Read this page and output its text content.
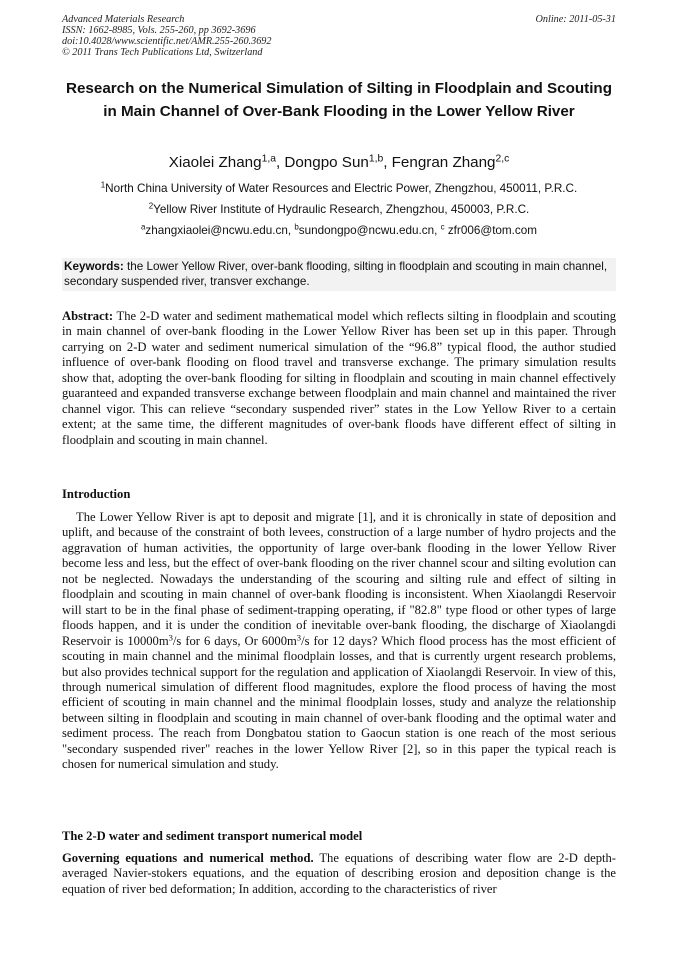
Advanced Materials Research
ISSN: 1662-8985, Vols. 255-260, pp 3692-3696
doi:10.4028/www.scientific.net/AMR.255-260.3692
© 2011 Trans Tech Publications Ltd, Switzerland
Online: 2011-05-31
Research on the Numerical Simulation of Silting in Floodplain and Scouting in Main Channel of Over-Bank Flooding in the Lower Yellow River
Xiaolei Zhang$^{1,a}$, Dongpo Sun$^{1,b}$, Fengran Zhang$^{2,c}$
$^1$North China University of Water Resources and Electric Power, Zhengzhou, 450011, P.R.C.
$^2$Yellow River Institute of Hydraulic Research, Zhengzhou, 450003, P.R.C.
$^a$zhangxiaolei@ncwu.edu.cn, $^b$sundongpo@ncwu.edu.cn, $^c$ zfr006@tom.com
Keywords: the Lower Yellow River, over-bank flooding, silting in floodplain and scouting in main channel, secondary suspended river, transver exchange.
Abstract: The 2-D water and sediment mathematical model which reflects silting in floodplain and scouting in main channel of over-bank flooding in the Lower Yellow River has been set up in this paper. Through carrying on 2-D water and sediment numerical simulation of the “96.8” typical flood, the author studied influence of over-bank flooding on flood travel and transverse exchange. The primary simulation results show that, adopting the over-bank flooding for silting in floodplain and scouting in main channel effectively guaranteed and expanded transverse exchange between floodplain and main channel and maintained the river channel vigor. This can relieve “secondary suspended river” states in the Low Yellow River to a certain extent; at the same time, the different magnitudes of over-bank floods have different effect of silting in floodplain and scouting in main channel.
Introduction
The Lower Yellow River is apt to deposit and migrate [1], and it is chronically in state of deposition and uplift, and because of the constraint of both levees, construction of a large number of hydro projects and the aggravation of human activities, the opportunity of large over-bank flooding in the lower Yellow River become less and less, but the effect of over-bank flooding on the river channel scour and silting evolution can not be neglected. Nowadays the understanding of the scouring and silting rule and effect of silting in floodplain and scouting in main channel of over-bank flooding is inconsistent. When Xiaolangdi Reservoir will start to be in the final phase of sediment-trapping operating, if "82.8" type flood or other types of large floods happen, and it is under the condition of inevitable over-bank flooding, the discharge of Xiaolangdi Reservoir is $10000m^3/s$ for 6 days, Or $6000m^3/s$ for 12 days? Which flood process has the most efficient of scouting in main channel and the minimal floodplain losses, and that is currently urgent research problems, but also provides technical support for the regulation and application of Xiaolangdi Reservoir. In view of this, through numerical simulation of different flood magnitudes, explore the flood process of having the most efficient of scouting in main channel and the minimal floodplain losses, study and analyze the relationship between silting in floodplain and scouting in main channel of over-bank flooding and the optimal water and sediment process. The reach from Dongbatou station to Gaocun station is one reach of the most serious "secondary suspended river" reaches in the lower Yellow River [2], so in this paper the typical reach is chosen for numerical simulation and study.
The 2-D water and sediment transport numerical model
Governing equations and numerical method. The equations of describing water flow are 2-D depth-averaged Navier-stokers equations, and the equation of describing erosion and deposition change is the equation of river bed deformation; In addition, according to the characteristics of river
